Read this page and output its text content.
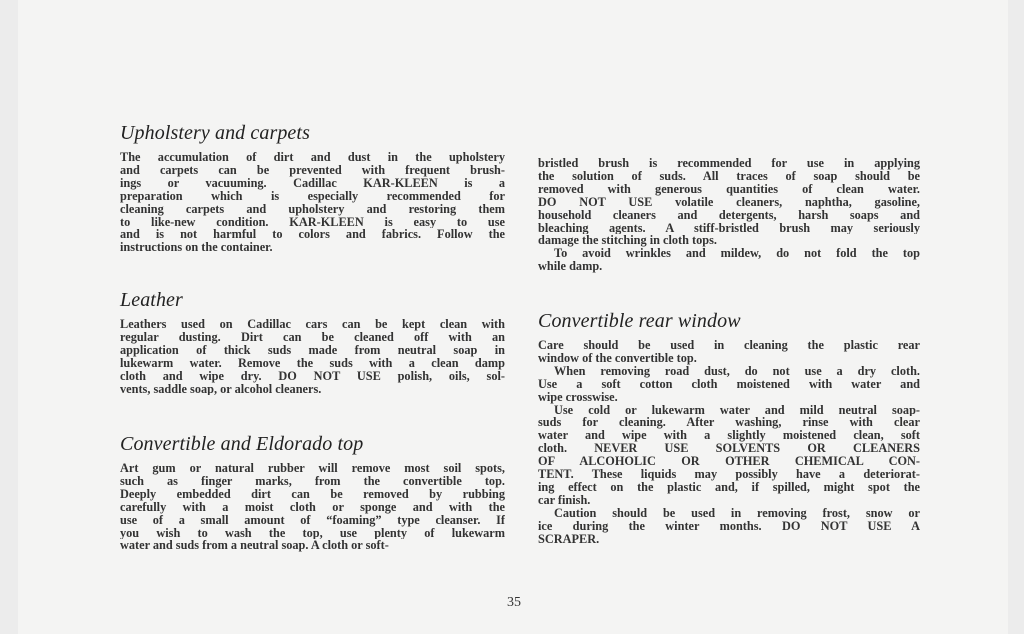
Upholstery and carpets
The accumulation of dirt and dust in the upholstery
and carpets can be prevented with frequent brush-
ings or vacuuming. Cadillac KAR-KLEEN is a
preparation which is especially recommended for
cleaning carpets and upholstery and restoring them
to like-new condition. KAR-KLEEN is easy to use
and is not harmful to colors and fabrics. Follow the
instructions on the container.
Leather
Leathers used on Cadillac cars can be kept clean with
regular dusting. Dirt can be cleaned off with an
application of thick suds made from neutral soap in
lukewarm water. Remove the suds with a clean damp
cloth and wipe dry. DO NOT USE polish, oils, sol-
vents, saddle soap, or alcohol cleaners.
Convertible and Eldorado top
Art gum or natural rubber will remove most soil spots,
such as finger marks, from the convertible top.
Deeply embedded dirt can be removed by rubbing
carefully with a moist cloth or sponge and with the
use of a small amount of “foaming” type cleanser. If
you wish to wash the top, use plenty of lukewarm
water and suds from a neutral soap. A cloth or soft-
bristled brush is recommended for use in applying
the solution of suds. All traces of soap should be
removed with generous quantities of clean water.
DO NOT USE volatile cleaners, naphtha, gasoline,
household cleaners and detergents, harsh soaps and
bleaching agents. A stiff-bristled brush may seriously
damage the stitching in cloth tops.
To avoid wrinkles and mildew, do not fold the top
while damp.
Convertible rear window
Care should be used in cleaning the plastic rear
window of the convertible top.
When removing road dust, do not use a dry cloth.
Use a soft cotton cloth moistened with water and
wipe crosswise.
Use cold or lukewarm water and mild neutral soap-
suds for cleaning. After washing, rinse with clear
water and wipe with a slightly moistened clean, soft
cloth. NEVER USE SOLVENTS OR CLEANERS
OF ALCOHOLIC OR OTHER CHEMICAL CON-
TENT. These liquids may possibly have a deteriorat-
ing effect on the plastic and, if spilled, might spot the
car finish.
Caution should be used in removing frost, snow or
ice during the winter months. DO NOT USE A
SCRAPER.
35
